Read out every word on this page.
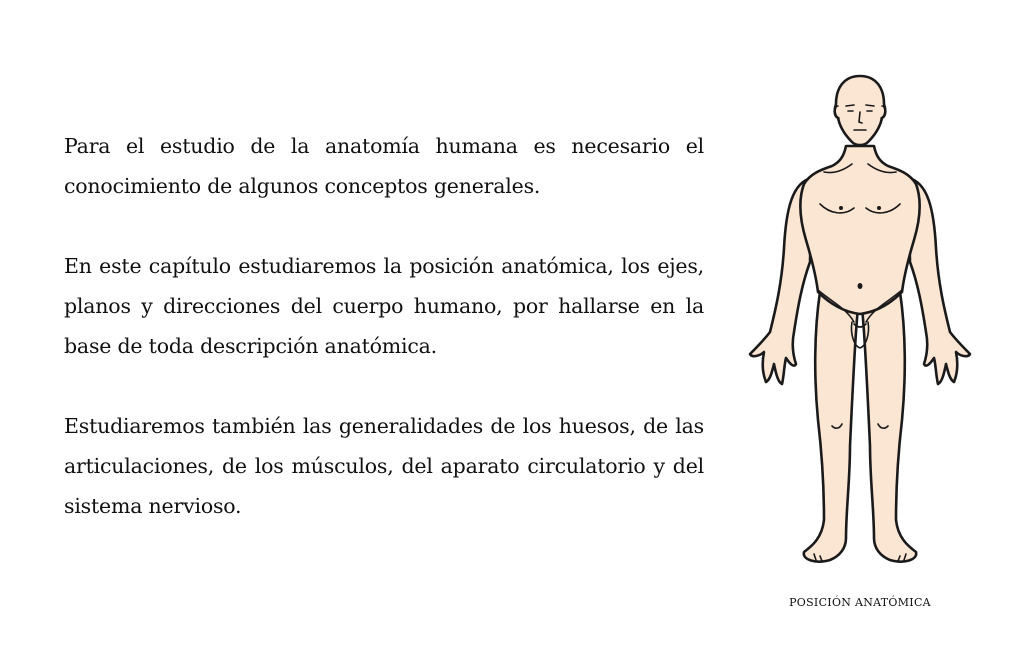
Para el estudio de la anatomía humana es necesario el conocimiento de algunos conceptos generales.

En este capítulo estudiaremos la posición anatómica, los ejes, planos y direcciones del cuerpo humano, por hallarse en la base de toda descripción anatómica.

Estudiaremos también las generalidades de los huesos, de las articulaciones, de los músculos, del aparato circulatorio y del sistema nervioso.

POSICIÓN ANATÓMICA
